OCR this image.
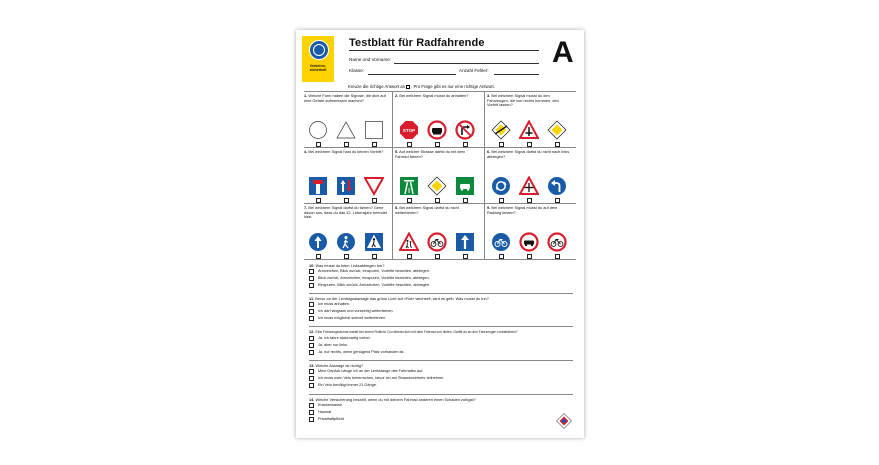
Verkehrs-
sicherheit
Testblatt für Radfahrende A
Name und Vorname:
Klasse:	Anzahl Fehler:
Kreuze die richtige Antwort an . Pro Frage gibt es nur eine richtige Antwort.
1. Welche Form haben die Signale, die dich auf eine Gefahr aufmerksam machen?
2. Bei welchem Signal musst du anhalten?
STOP
3. Bei welchem Signal musst du den Fahrzeugen, die von rechts kommen, den Vortritt lassen?
4. Bei welchem Signal hast du keinen Vortritt?	5. Auf welcher Strasse darfst du mit dem Fahrrad fahren?
6. Bei welchem Signal darfst du nicht nach links abbiegen?
7. Bei welchem Signal darfst du fahren? Gehe davon aus, dass du das 12. Lebensjahr beendet hast
8. Bei welchem Signal darfst du nicht weiterfahren?
9. Bei welchem Signal musst du auf dem Radweg fahren?
10. Was musst du beim Linksabbiegen tun?
Armzeichen, Blick zurück, einspuren, Vortritte beachten, abbiegen.
Blick zurück, Armzeichen, einspuren, Vortritte beachten, abbiegen.
Einspuren, Blick zurück, Armzeichen, Vortritte beachten, abbiegen.
11. Bevor an der Lichtsignalanlage das grüne Licht auf «Rot» wechselt, wird es gelb. Was musst du tun?
Ich muss anhalten.
Ich darf langsam und vorsichtig weiterfahren.
Ich muss möglichst schnell weiterfahren.
12. Eine Fahrzeugkolonne wartet bei einem Rotlicht. Du näherst dich mit dem Fahrrad von hinten. Darfst du an den Fahrzeugen vorbeifahren?
Ja, ich fahre slalomartig vorbei.
Ja, aber nur links.
Ja, nur rechts, wenn genügend Platz vorhanden ist.
13. Welche Aussage ist richtig?
Mein Gepäck hänge ich an der Lenkstange des Fahrrades auf.
Ich muss mein Velo beherrschen, bevor ich am Strassenverkehr teilnehme.
Ein Velo benötigt immer 21 Gänge.
14. Welche Versicherung bezahlt, wenn du mit deinem Fahrrad anderen einen Schaden zufügst?
Krankenkasse
Hausrat
Privathaftpflicht
